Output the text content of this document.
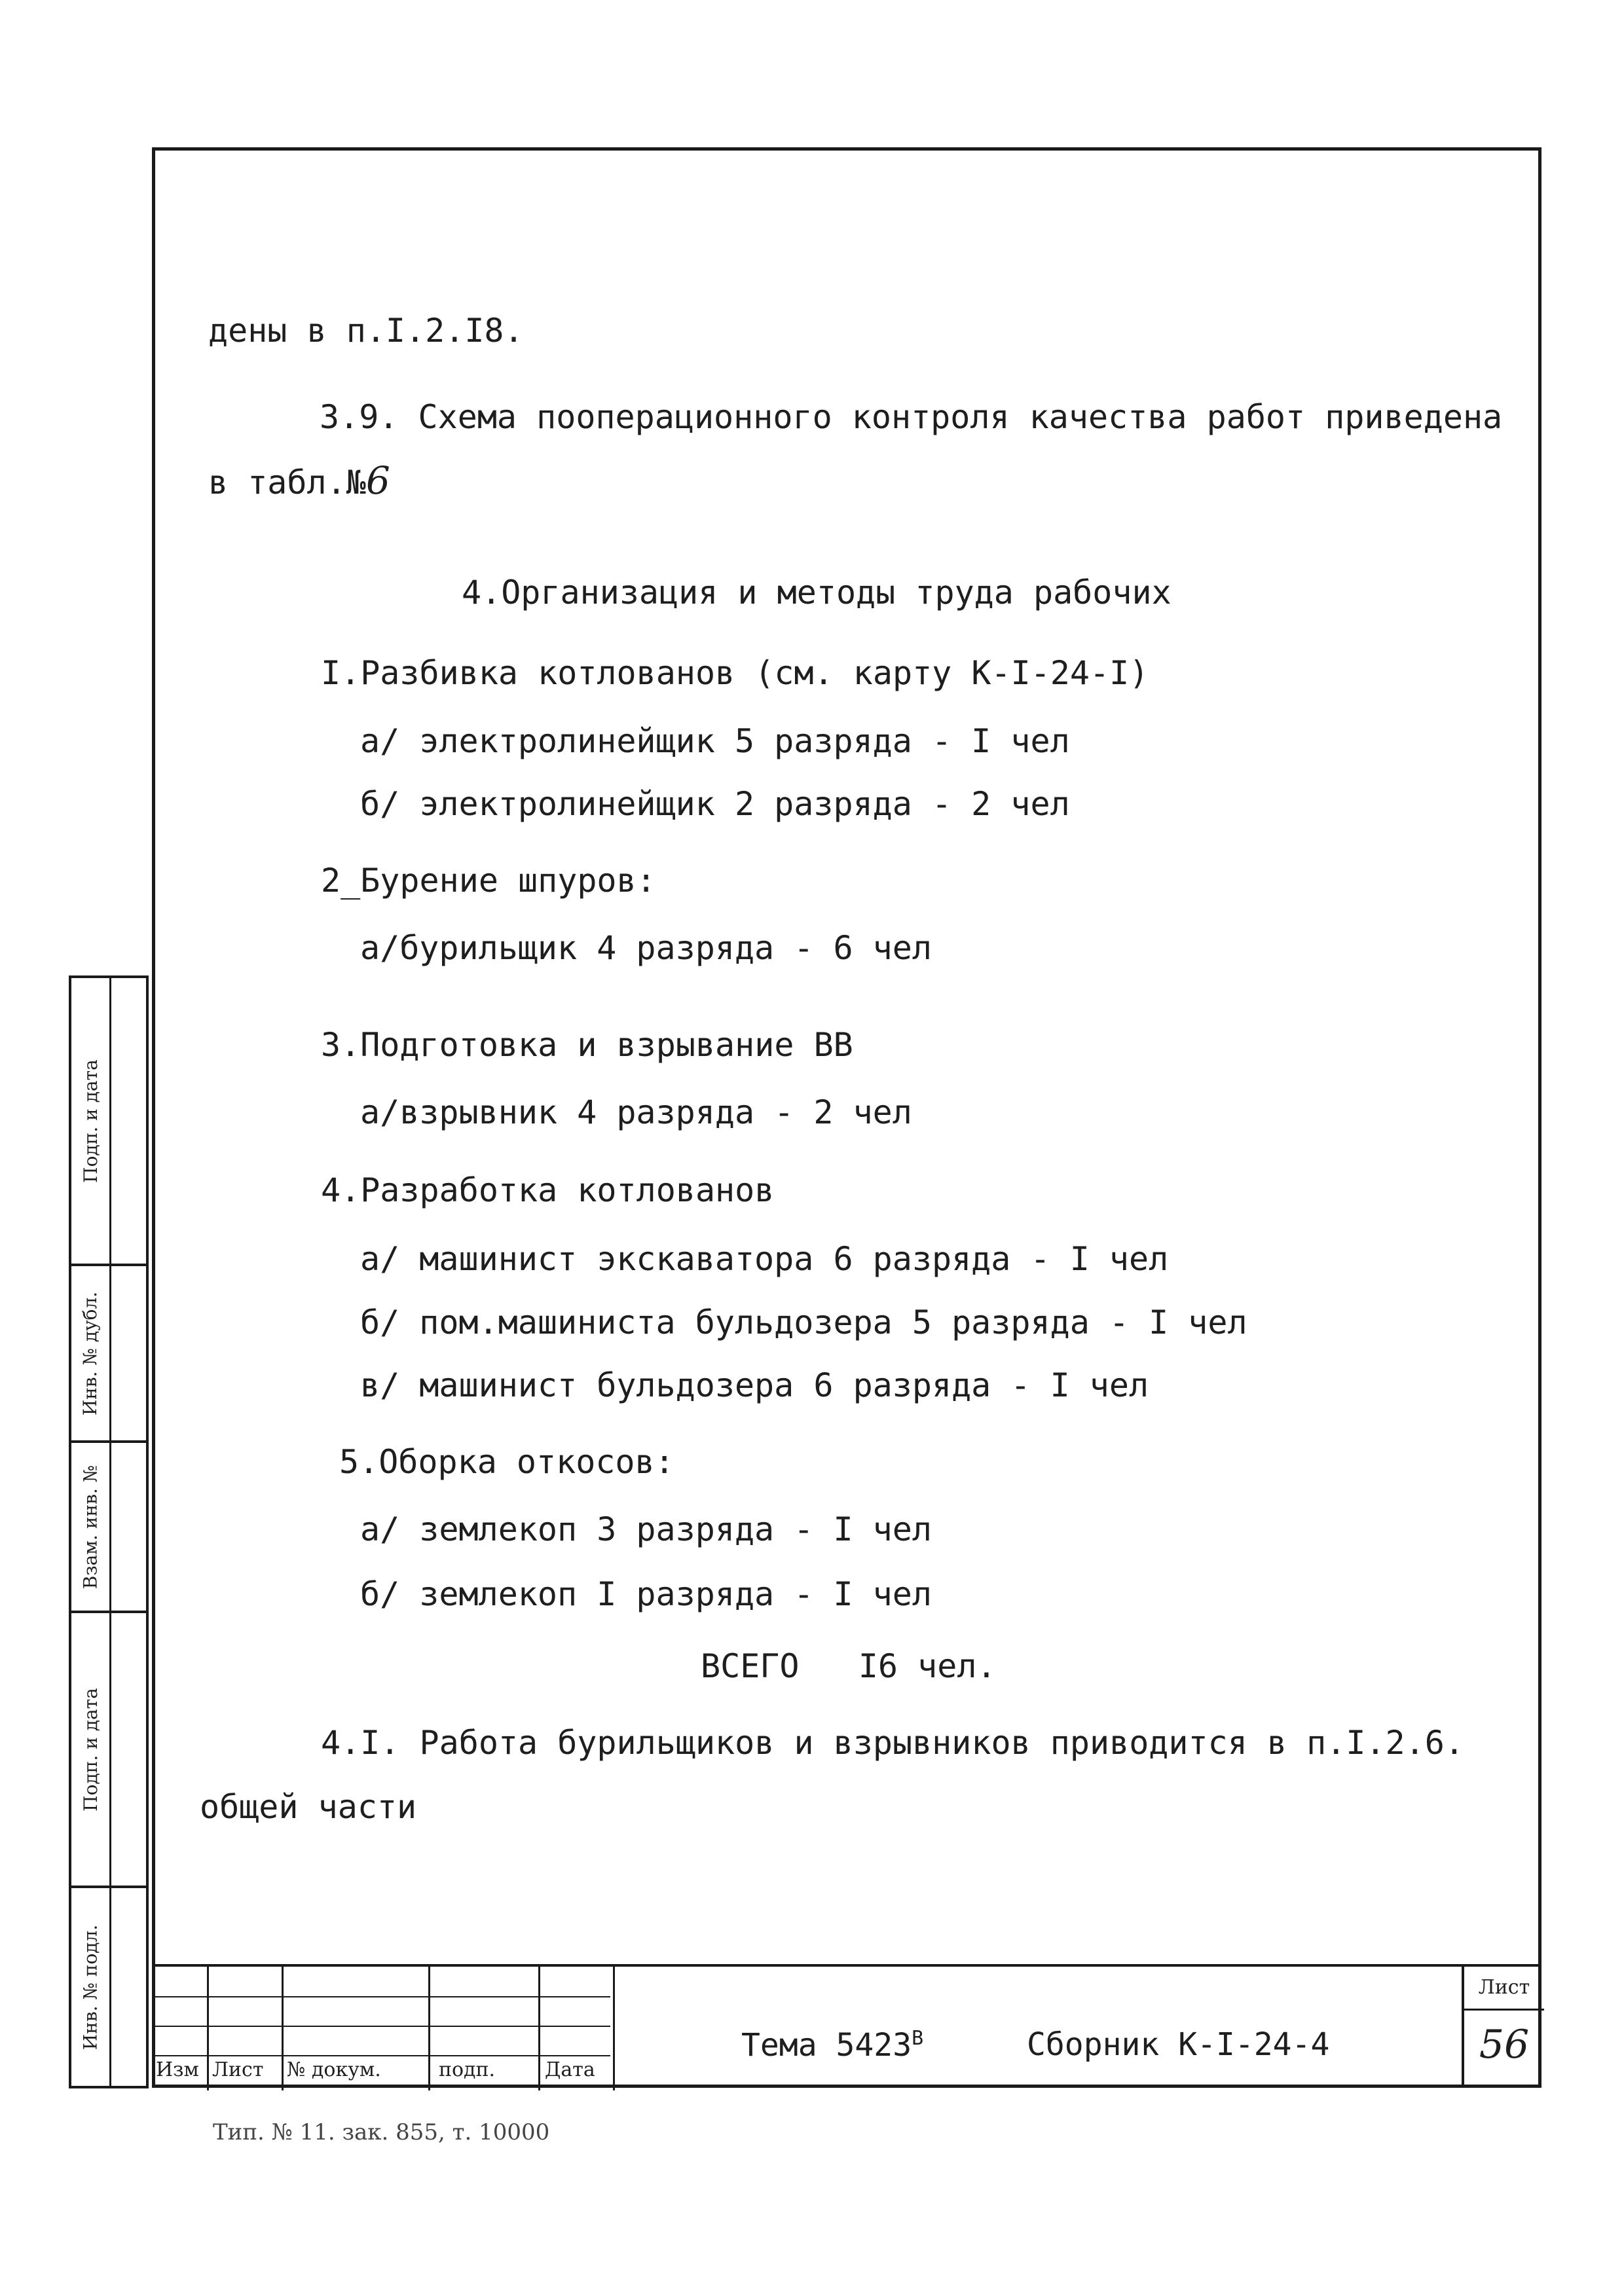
дены в п.I.2.I8.
3.9. Схема пооперационного контроля качества работ приведена
в табл.№6
4.Организация и методы труда рабочих
I.Разбивка котлованов (см. карту К-I-24-I)
а/ электролинейщик 5 разряда - I чел
б/ электролинейщик 2 разряда - 2 чел
2_Бурение шпуров:
а/бурильщик 4 разряда - 6 чел
3.Подготовка и взрывание ВВ
а/взрывник 4 разряда - 2 чел
4.Разработка котлованов
а/ машинист экскаватора 6 разряда - I чел
б/ пом.машиниста бульдозера 5 разряда - I чел
в/ машинист бульдозера 6 разряда - I чел
5.Оборка откосов:
а/ землекоп 3 разряда - I чел
б/ землекоп I разряда - I чел
ВСЕГО   I6 чел.
4.I. Работа бурильщиков и взрывников приводится в п.I.2.6.
общей части
Подп. и дата
Инв. № дубл.
Взам. инв. №
Подп. и дата
Инв. № подл.
Изм Лист № докум.	подп.	Дата
Тема $5423^В$	Сборник К-I-24-4
Лист
56
Тип. № 11. зак. 855, т. 10000
